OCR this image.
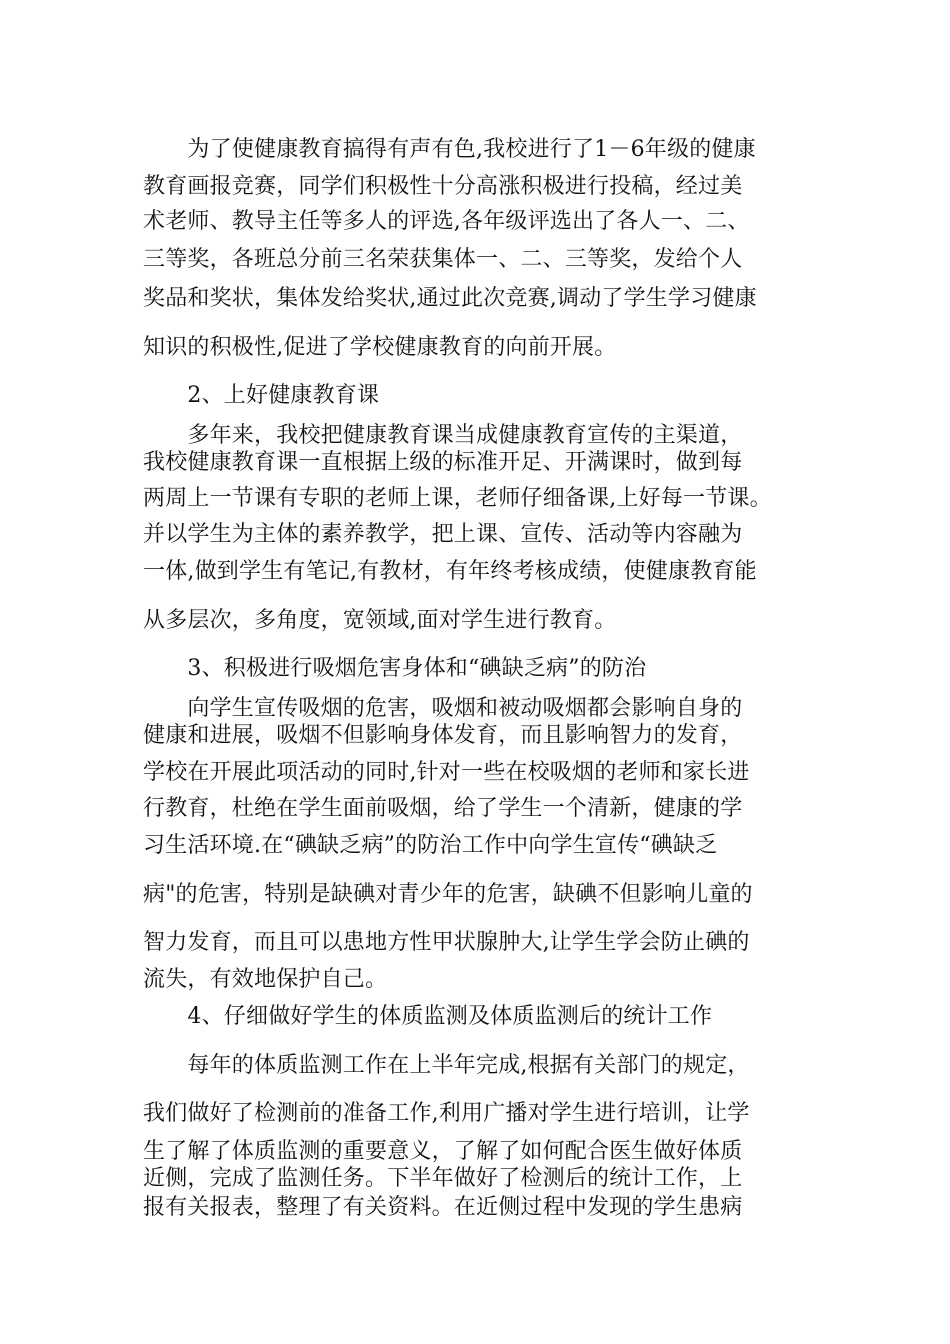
　　为了使健康教育搞得有声有色,我校进行了1－6年级的健康
教育画报竞赛，同学们积极性十分高涨积极进行投稿，经过美
术老师、教导主任等多人的评选,各年级评选出了各人一、二、
三等奖，各班总分前三名荣获集体一、二、三等奖，发给个人
奖品和奖状，集体发给奖状,通过此次竞赛,调动了学生学习健康
知识的积极性,促进了学校健康教育的向前开展。
　　2、上好健康教育课
　　多年来，我校把健康教育课当成健康教育宣传的主渠道，
我校健康教育课一直根据上级的标准开足、开满课时，做到每
两周上一节课有专职的老师上课，老师仔细备课,上好每一节课。
并以学生为主体的素养教学，把上课、宣传、活动等内容融为
一体,做到学生有笔记,有教材，有年终考核成绩，使健康教育能
从多层次，多角度，宽领域,面对学生进行教育。
　　3、积极进行吸烟危害身体和“碘缺乏病”的防治
　　向学生宣传吸烟的危害，吸烟和被动吸烟都会影响自身的
健康和进展，吸烟不但影响身体发育，而且影响智力的发育，
学校在开展此项活动的同时,针对一些在校吸烟的老师和家长进
行教育，杜绝在学生面前吸烟，给了学生一个清新，健康的学
习生活环境.在“碘缺乏病”的防治工作中向学生宣传“碘缺乏
病"的危害，特别是缺碘对青少年的危害，缺碘不但影响儿童的
智力发育，而且可以患地方性甲状腺肿大,让学生学会防止碘的
流失，有效地保护自己。
　　4、仔细做好学生的体质监测及体质监测后的统计工作
　　每年的体质监测工作在上半年完成,根据有关部门的规定，
我们做好了检测前的准备工作,利用广播对学生进行培训，让学
生了解了体质监测的重要意义，了解了如何配合医生做好体质
近侧，完成了监测任务。下半年做好了检测后的统计工作，上
报有关报表，整理了有关资料。在近侧过程中发现的学生患病
